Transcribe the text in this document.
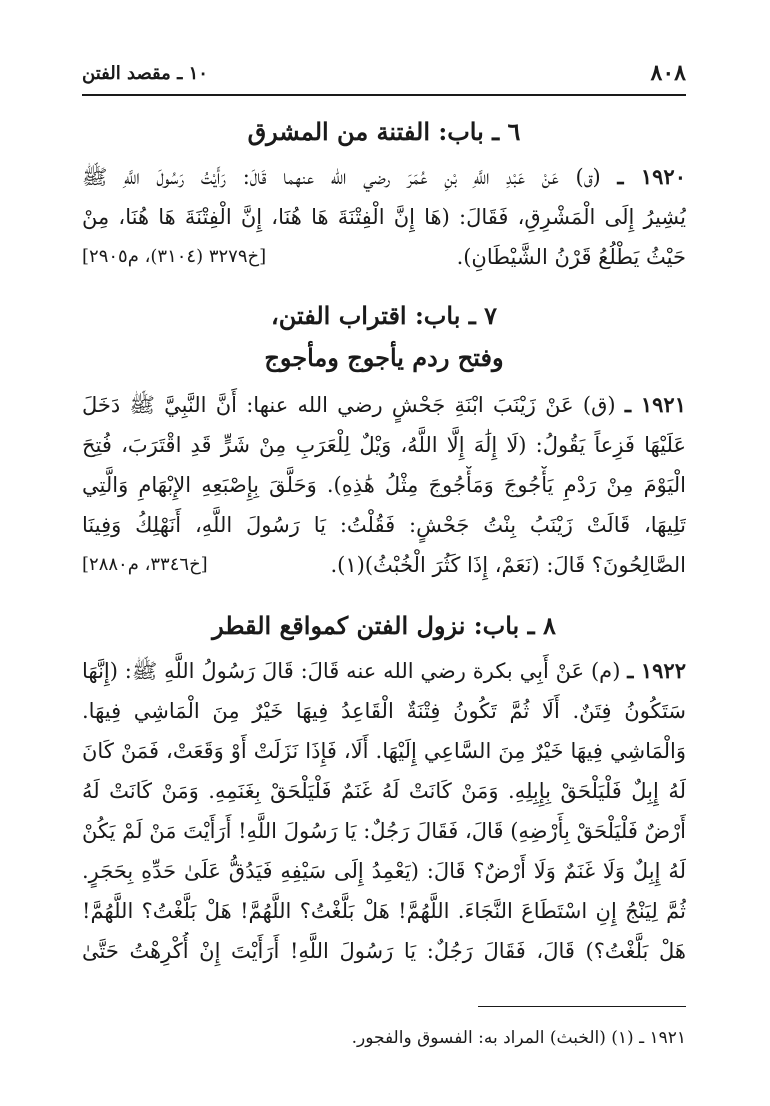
٨٠٨
١٠ ـ مقصد الفتن
٦ ـ باب: الفتنة من المشرق
١٩٢٠ ـ (ق) عَنْ عَبْدِ اللَّهِ بْنِ عُمَرَ رضي الله عنهما قَالَ: رَأَيْتُ رَسُولَ اللَّهِ ﷺ
يُشِيرُ إِلَى الْمَشْرِقِ، فَقَالَ: (هَا إِنَّ الْفِتْنَةَ هَا هُنَا، إِنَّ الْفِتْنَةَ هَا هُنَا، مِنْ
حَيْثُ يَطْلُعُ قَرْنُ الشَّيْطَانِ).
[خ٣٢٧٩ (٣١٠٤)، م٢٩٠٥]
٧ ـ باب: اقتراب الفتن،
وفتح ردم يأجوج ومأجوج
١٩٢١ ـ (ق) عَنْ زَيْنَبَ ابْنَةِ جَحْشٍ رضي الله عنها: أَنَّ النَّبِيَّ ﷺ دَخَلَ
عَلَيْهَا فَزِعاً يَقُولُ: (لَا إِلَٰهَ إِلَّا اللَّهُ، وَيْلٌ لِلْعَرَبِ مِنْ شَرٍّ قَدِ اقْتَرَبَ، فُتِحَ
الْيَوْمَ مِنْ رَدْمِ يَأْجُوجَ وَمَأْجُوجَ مِثْلُ هَٰذِهِ). وَحَلَّقَ بِإِصْبَعِهِ الإِبْهَامِ وَالَّتِي
تَلِيهَا، قَالَتْ زَيْنَبُ بِنْتُ جَحْشٍ: فَقُلْتُ: يَا رَسُولَ اللَّهِ، أَنَهْلِكُ وَفِينَا
الصَّالِحُونَ؟ قَالَ: (نَعَمْ، إِذَا كَثُرَ الْخُبْثُ)(١).
[خ٣٣٤٦، م٢٨٨٠]
٨ ـ باب: نزول الفتن كمواقع القطر
١٩٢٢ ـ (م) عَنْ أَبِي بكرة رضي الله عنه قَالَ: قَالَ رَسُولُ اللَّهِ ﷺ: (إِنَّهَا
سَتَكُونُ فِتَنٌ. أَلَا ثُمَّ تَكُونُ فِتْنَةٌ الْقَاعِدُ فِيهَا خَيْرٌ مِنَ الْمَاشِي فِيهَا.
وَالْمَاشِي فِيهَا خَيْرٌ مِنَ السَّاعِي إِلَيْهَا. أَلَا، فَإِذَا نَزَلَتْ أَوْ وَقَعَتْ، فَمَنْ كَانَ
لَهُ إِبِلٌ فَلْيَلْحَقْ بِإِبِلِهِ. وَمَنْ كَانَتْ لَهُ غَنَمٌ فَلْيَلْحَقْ بِغَنَمِهِ. وَمَنْ كَانَتْ لَهُ
أَرْضٌ فَلْيَلْحَقْ بِأَرْضِهِ) قَالَ، فَقَالَ رَجُلٌ: يَا رَسُولَ اللَّهِ! أَرَأَيْتَ مَنْ لَمْ يَكُنْ
لَهُ إِبِلٌ وَلَا غَنَمٌ وَلَا أَرْضٌ؟ قَالَ: (يَعْمِدُ إِلَى سَيْفِهِ فَيَدُقُّ عَلَىٰ حَدِّهِ بِحَجَرٍ.
ثُمَّ لِيَنْجُ إِنِ اسْتَطَاعَ النَّجَاءَ. اللَّهُمَّ! هَلْ بَلَّغْتُ؟ اللَّهُمَّ! هَلْ بَلَّغْتُ؟ اللَّهُمَّ!
هَلْ بَلَّغْتُ؟) قَالَ، فَقَالَ رَجُلٌ: يَا رَسُولَ اللَّهِ! أَرَأَيْتَ إِنْ أُكْرِهْتُ حَتَّىٰ
١٩٢١ ـ (١) (الخبث) المراد به: الفسوق والفجور.
